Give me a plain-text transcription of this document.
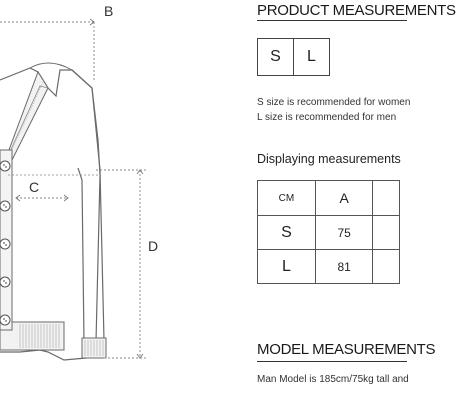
B
C
D
PRODUCT MEASUREMENTS
S L
S size is recommended for women
L size is recommended for men
Displaying measurements
CM	A	
S	75	
L	81	
MODEL MEASUREMENTS
Man Model is 185cm/75kg tall and
